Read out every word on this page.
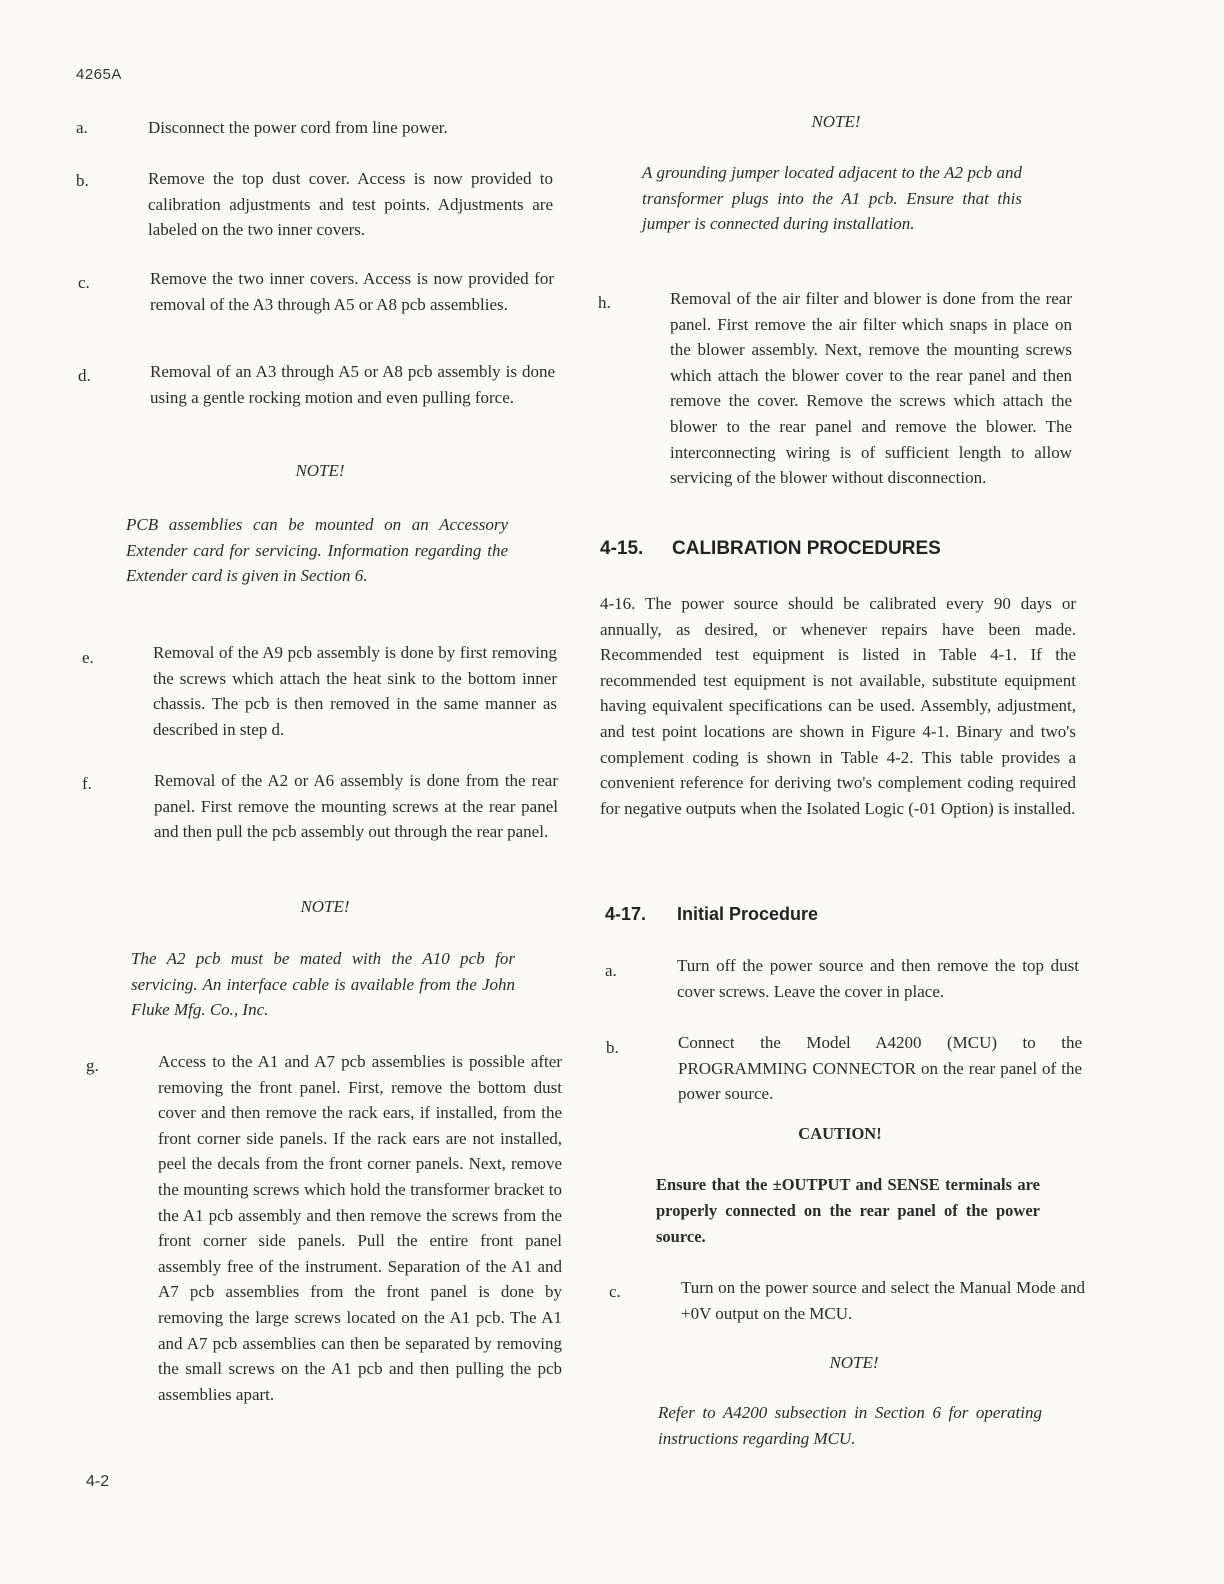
4265A
a.	Disconnect the power cord from line power.
b.	Remove the top dust cover. Access is now provided to calibration adjustments and test points. Adjustments are labeled on the two inner covers.
c.	Remove the two inner covers. Access is now provided for removal of the A3 through A5 or A8 pcb assemblies.
d.	Removal of an A3 through A5 or A8 pcb assembly is done using a gentle rocking motion and even pulling force.
NOTE!
PCB assemblies can be mounted on an Accessory Extender card for servicing. Information regarding the Extender card is given in Section 6.
e.	Removal of the A9 pcb assembly is done by first removing the screws which attach the heat sink to the bottom inner chassis. The pcb is then removed in the same manner as described in step d.
f.	Removal of the A2 or A6 assembly is done from the rear panel. First remove the mounting screws at the rear panel and then pull the pcb assembly out through the rear panel.
NOTE!
The A2 pcb must be mated with the A10 pcb for servicing. An interface cable is available from the John Fluke Mfg. Co., Inc.
g.	Access to the A1 and A7 pcb assemblies is possible after removing the front panel. First, remove the bottom dust cover and then remove the rack ears, if installed, from the front corner side panels. If the rack ears are not installed, peel the decals from the front corner panels. Next, remove the mounting screws which hold the transformer bracket to the A1 pcb assembly and then remove the screws from the front corner side panels. Pull the entire front panel assembly free of the instrument. Separation of the A1 and A7 pcb assemblies from the front panel is done by removing the large screws located on the A1 pcb. The A1 and A7 pcb assemblies can then be separated by removing the small screws on the A1 pcb and then pulling the pcb assemblies apart.
NOTE!
A grounding jumper located adjacent to the A2 pcb and transformer plugs into the A1 pcb. Ensure that this jumper is connected during installation.
h.	Removal of the air filter and blower is done from the rear panel. First remove the air filter which snaps in place on the blower assembly. Next, remove the mounting screws which attach the blower cover to the rear panel and then remove the cover. Remove the screws which attach the blower to the rear panel and remove the blower. The interconnecting wiring is of sufficient length to allow servicing of the blower without disconnection.
4-15. CALIBRATION PROCEDURES
4-16. The power source should be calibrated every 90 days or annually, as desired, or whenever repairs have been made. Recommended test equipment is listed in Table 4-1. If the recommended test equipment is not available, substitute equipment having equivalent specifications can be used. Assembly, adjustment, and test point locations are shown in Figure 4-1. Binary and two's complement coding is shown in Table 4-2. This table provides a convenient reference for deriving two's complement coding required for negative outputs when the Isolated Logic (-01 Option) is installed.
4-17. Initial Procedure
a.	Turn off the power source and then remove the top dust cover screws. Leave the cover in place.
b.	Connect the Model A4200 (MCU) to the PROGRAMMING CONNECTOR on the rear panel of the power source.
CAUTION!
Ensure that the ±OUTPUT and SENSE terminals are properly connected on the rear panel of the power source.
c.	Turn on the power source and select the Manual Mode and +0V output on the MCU.
NOTE!
Refer to A4200 subsection in Section 6 for operating instructions regarding MCU.
4-2
